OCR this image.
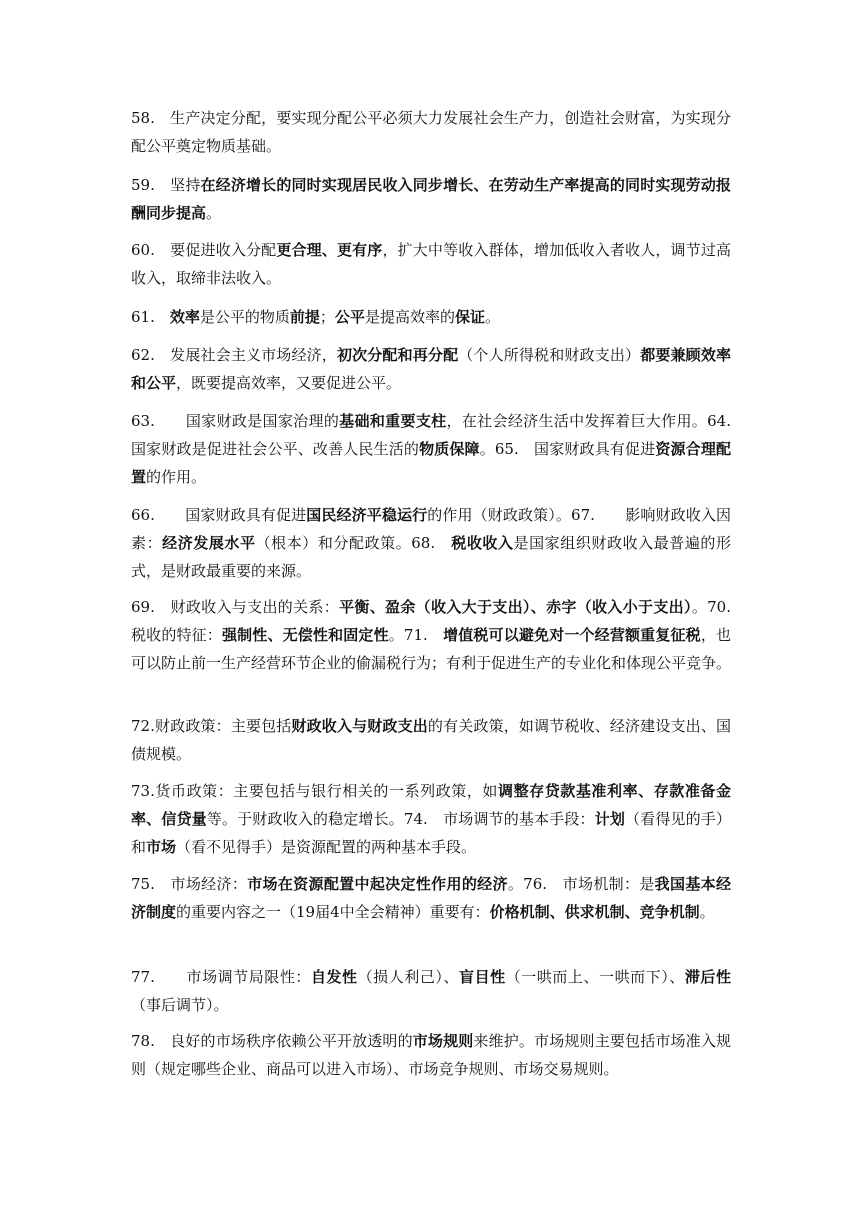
58.　生产决定分配，要实现分配公平必须大力发展社会生产力，创造社会财富，为实现分配公平奠定物质基础。
59.　坚持在经济增长的同时实现居民收入同步增长、在劳动生产率提高的同时实现劳动报酬同步提高。
60.　要促进收入分配更合理、更有序，扩大中等收入群体，增加低收入者收人，调节过高收入，取缔非法收入。
61.　效率是公平的物质前提；公平是提高效率的保证。
62.　发展社会主义市场经济，初次分配和再分配（个人所得税和财政支出）都要兼顾效率和公平，既要提高效率，又要促进公平。
63.　　国家财政是国家治理的基础和重要支柱，在社会经济生活中发挥着巨大作用。64.　　国家财政是促进社会公平、改善人民生活的物质保障。65.　国家财政具有促进资源合理配置的作用。
66.　　国家财政具有促进国民经济平稳运行的作用（财政政策）。67.　　影响财政收入因素：经济发展水平（根本）和分配政策。68.　税收收入是国家组织财政收入最普遍的形式，是财政最重要的来源。
69.　财政收入与支出的关系：平衡、盈余（收入大于支出）、赤字（收入小于支出）。70.　税收的特征：强制性、无偿性和固定性。71.　增值税可以避免对一个经营额重复征税，也可以防止前一生产经营环节企业的偷漏税行为；有利于促进生产的专业化和体现公平竞争。
72.财政政策：主要包括财政收入与财政支出的有关政策，如调节税收、经济建设支出、国债规模。
73.货币政策：主要包括与银行相关的一系列政策，如调整存贷款基准利率、存款准备金率、信贷量等。于财政收入的稳定增长。74.　市场调节的基本手段：计划（看得见的手）和市场（看不见得手）是资源配置的两种基本手段。
75.　市场经济：市场在资源配置中起决定性作用的经济。76.　市场机制：是我国基本经济制度的重要内容之一（19届4中全会精神）重要有：价格机制、供求机制、竞争机制。
77.　　市场调节局限性：自发性（损人利己）、盲目性（一哄而上、一哄而下）、滞后性（事后调节）。
78.　良好的市场秩序依赖公平开放透明的市场规则来维护。市场规则主要包括市场准入规则（规定哪些企业、商品可以进入市场）、市场竞争规则、市场交易规则。
